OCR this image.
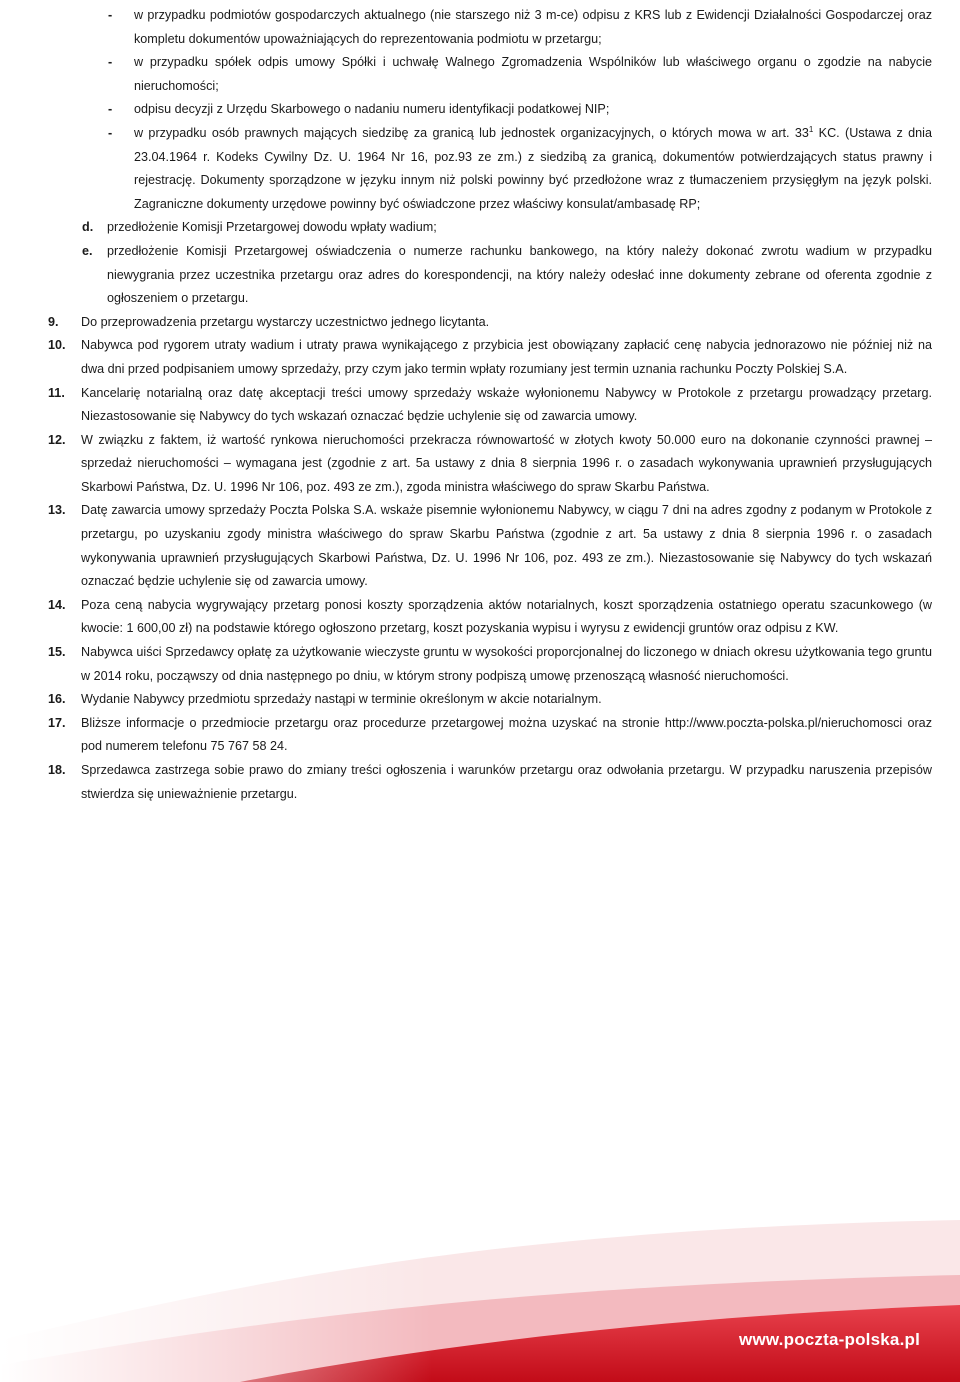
- w przypadku podmiotów gospodarczych aktualnego (nie starszego niż 3 m-ce) odpisu z KRS lub z Ewidencji Działalności Gospodarczej oraz kompletu dokumentów upoważniających do reprezentowania podmiotu w przetargu;
- w przypadku spółek odpis umowy Spółki i uchwałę Walnego Zgromadzenia Wspólników lub właściwego organu o zgodzie na nabycie nieruchomości;
- odpisu decyzji z Urzędu Skarbowego o nadaniu numeru identyfikacji podatkowej NIP;
- w przypadku osób prawnych mających siedzibę za granicą lub jednostek organizacyjnych, o których mowa w art. $33^1$ KC. (Ustawa z dnia 23.04.1964 r. Kodeks Cywilny Dz. U. 1964 Nr 16, poz.93 ze zm.) z siedzibą za granicą, dokumentów potwierdzających status prawny i rejestrację. Dokumenty sporządzone w języku innym niż polski powinny być przedłożone wraz z tłumaczeniem przysięgłym na język polski. Zagraniczne dokumenty urzędowe powinny być oświadczone przez właściwy konsulat/ambasadę RP;
d. przedłożenie Komisji Przetargowej dowodu wpłaty wadium;
e. przedłożenie Komisji Przetargowej oświadczenia o numerze rachunku bankowego, na który należy dokonać zwrotu wadium w przypadku niewygrania przez uczestnika przetargu oraz adres do korespondencji, na który należy odesłać inne dokumenty zebrane od oferenta zgodnie z ogłoszeniem o przetargu.
9. Do przeprowadzenia przetargu wystarczy uczestnictwo jednego licytanta.
10. Nabywca pod rygorem utraty wadium i utraty prawa wynikającego z przybicia jest obowiązany zapłacić cenę nabycia jednorazowo nie później niż na dwa dni przed podpisaniem umowy sprzedaży, przy czym jako termin wpłaty rozumiany jest termin uznania rachunku Poczty Polskiej S.A.
11. Kancelarię notarialną oraz datę akceptacji treści umowy sprzedaży wskaże wyłonionemu Nabywcy w Protokole z przetargu prowadzący przetarg. Niezastosowanie się Nabywcy do tych wskazań oznaczać będzie uchylenie się od zawarcia umowy.
12. W związku z faktem, iż wartość rynkowa nieruchomości przekracza równowartość w złotych kwoty 50.000 euro na dokonanie czynności prawnej – sprzedaż nieruchomości – wymagana jest (zgodnie z art. 5a ustawy z dnia 8 sierpnia 1996 r. o zasadach wykonywania uprawnień przysługujących Skarbowi Państwa, Dz. U. 1996 Nr 106, poz. 493 ze zm.), zgoda ministra właściwego do spraw Skarbu Państwa.
13. Datę zawarcia umowy sprzedaży Poczta Polska S.A. wskaże pisemnie wyłonionemu Nabywcy, w ciągu 7 dni na adres zgodny z podanym w Protokole z przetargu, po uzyskaniu zgody ministra właściwego do spraw Skarbu Państwa (zgodnie z art. 5a ustawy z dnia 8 sierpnia 1996 r. o zasadach wykonywania uprawnień przysługujących Skarbowi Państwa, Dz. U. 1996 Nr 106, poz. 493 ze zm.). Niezastosowanie się Nabywcy do tych wskazań oznaczać będzie uchylenie się od zawarcia umowy.
14. Poza ceną nabycia wygrywający przetarg ponosi koszty sporządzenia aktów notarialnych, koszt sporządzenia ostatniego operatu szacunkowego (w kwocie: 1 600,00 zł) na podstawie którego ogłoszono przetarg, koszt pozyskania wypisu i wyrysu z ewidencji gruntów oraz odpisu z KW.
15. Nabywca uiści Sprzedawcy opłatę za użytkowanie wieczyste gruntu w wysokości proporcjonalnej do liczonego w dniach okresu użytkowania tego gruntu w 2014 roku, począwszy od dnia następnego po dniu, w którym strony podpiszą umowę przenoszącą własność nieruchomości.
16. Wydanie Nabywcy przedmiotu sprzedaży nastąpi w terminie określonym w akcie notarialnym.
17. Bliższe informacje o przedmiocie przetargu oraz procedurze przetargowej można uzyskać na stronie http://www.poczta-polska.pl/nieruchomosci oraz pod numerem telefonu 75 767 58 24.
18. Sprzedawca zastrzega sobie prawo do zmiany treści ogłoszenia i warunków przetargu oraz odwołania przetargu. W przypadku naruszenia przepisów stwierdza się unieważnienie przetargu.
www.poczta-polska.pl
